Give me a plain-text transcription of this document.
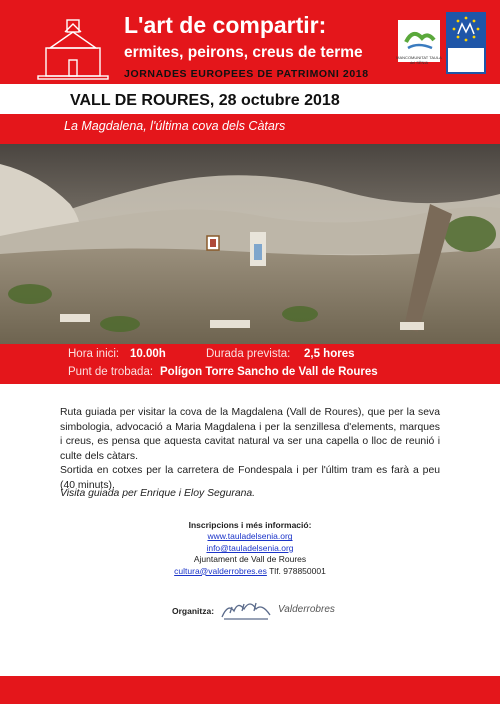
L'art de compartir:
ermites, peirons, creus de terme
JORNADES EUROPEES DE PATRIMONI 2018
MANCOMUNITAT TAULA del SÈNIA
VALL DE ROURES, 28 octubre 2018
La Magdalena, l'última cova dels Càtars
Hora inici: 10.00h	Durada prevista: 2,5 hores
Punt de trobada: Polígon Torre Sancho de Vall de Roures
Ruta guiada per visitar la cova de la Magdalena (Vall de Roures), que per la seva simbologia, advocació a Maria Magdalena i per la senzillesa d'elements, marques i creus, es pensa que aquesta cavitat natural va ser una capella o lloc de reunió i culte dels càtars.
Sortida en cotxes per la carretera de Fondespala i per l'últim tram es farà a peu (40 minuts).
Visita guiada per Enrique i Eloy Segurana.
Inscripcions i més informació:
www.tauladelsenia.org
info@tauladelsenia.org
Ajuntament de Vall de Roures
cultura@valderrobres.es Tlf. 978850001
Organitza:	Valderrobres
